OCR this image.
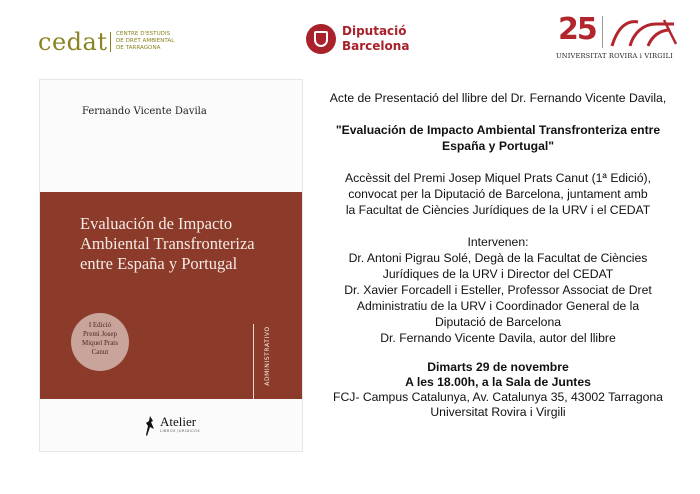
cedat CENTRE D'ESTUDIS
DE DRET AMBIENTAL
DE TARRAGONA
Diputació
Barcelona	25
UNIVERSITAT ROVIRA i VIRGILI
Fernando Vicente Davila
Evaluación de Impacto
Ambiental Transfronteriza
entre España y Portugal
I Edició
Premi Josep
Miquel Prats
Canut	ADMINISTRATIVO
Atelier
LIBROS JURIDICOS

Acte de Presentació del llibre del Dr. Fernando Vicente Davila,

"Evaluación de Impacto Ambiental Transfronteriza entre

España y Portugal"

Accèssit del Premi Josep Miquel Prats Canut (1ª Edició),

convocat per la Diputació de Barcelona, juntament amb

la Facultat de Ciències Jurídiques de la URV i el CEDAT

Intervenen:

Dr. Antoni Pigrau Solé, Degà de la Facultat de Ciències

Jurídiques de la URV i Director del CEDAT

Dr. Xavier Forcadell i Esteller, Professor Associat de Dret

Administratiu de la URV i Coordinador General de la

Diputació de Barcelona

Dr. Fernando Vicente Davila, autor del llibre

Dimarts 29 de novembre

A les 18.00h, a la Sala de Juntes

FCJ- Campus Catalunya, Av. Catalunya 35, 43002 Tarragona

Universitat Rovira i Virgili
